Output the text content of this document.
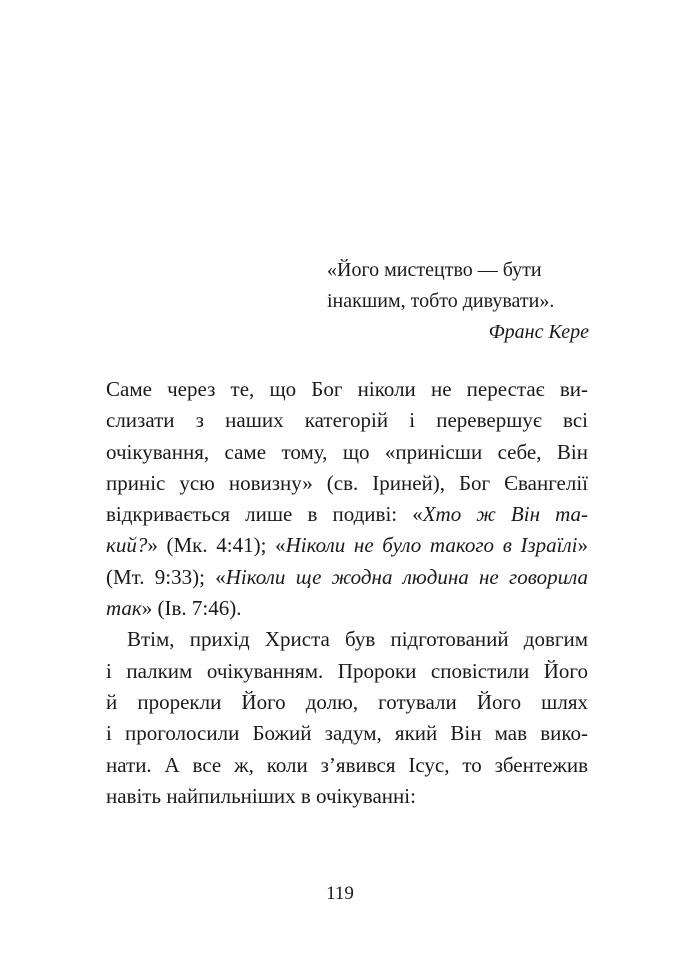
«Його мистецтво — бути
інакшим, тобто дивувати».
Франс Кере
Саме через те, що Бог ніколи не перестає ви-
слизати з наших категорій і перевершує всі
очікування, саме тому, що «принісши себе, Він
приніс усю новизну» (св. Іриней), Бог Євангелії
відкривається лише в подиві: «Хто ж Він та-
кий?» (Мк. 4:41); «Ніколи не було такого в Ізраїлі»
(Мт. 9:33); «Ніколи ще жодна людина не говорила
так» (Ів. 7:46).
Втім, прихід Христа був підготований довгим
і палким очікуванням. Пророки сповістили Його
й прорекли Його долю, готували Його шлях
і проголосили Божий задум, який Він мав вико-
нати. А все ж, коли з’явився Ісус, то збентежив
навіть найпильніших в очікуванні:
119
